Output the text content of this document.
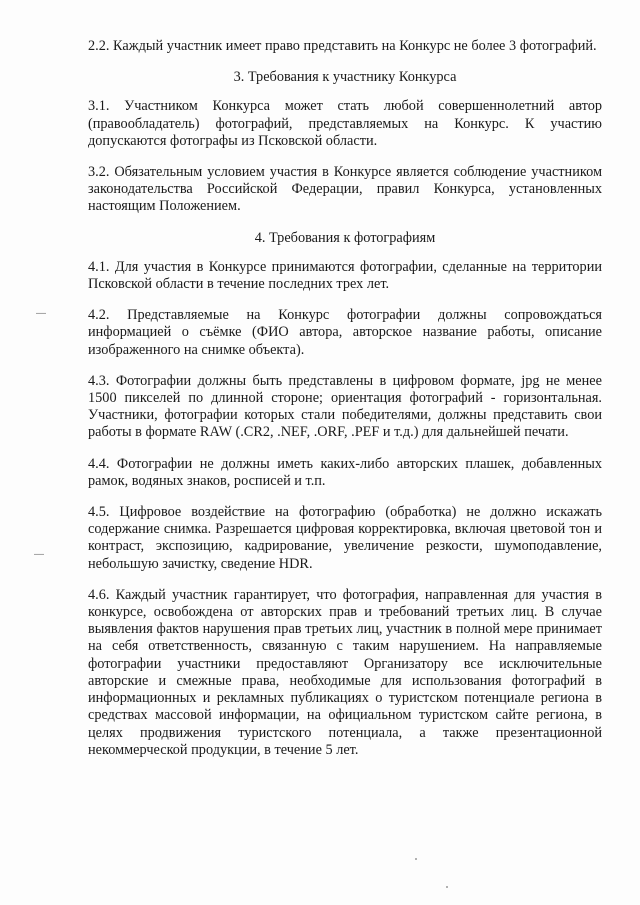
—
—

2.2. Каждый участник имеет право представить на Конкурс не более 3 фотографий.

3. Требования к участнику Конкурса

3.1. Участником Конкурса может стать любой совершеннолетний автор (правообладатель) фотографий, представляемых на Конкурс. К участию допускаются фотографы из Псковской области.

3.2. Обязательным условием участия в Конкурсе является соблюдение участником законодательства Российской Федерации, правил Конкурса, установленных настоящим Положением.

4. Требования к фотографиям

4.1. Для участия в Конкурсе принимаются фотографии, сделанные на территории Псковской области в течение последних трех лет.

4.2. Представляемые на Конкурс фотографии должны сопровождаться информацией о съёмке (ФИО автора, авторское название работы, описание изображенного на снимке объекта).

4.3. Фотографии должны быть представлены в цифровом формате, jpg не менее 1500 пикселей по длинной стороне; ориентация фотографий - горизонтальная. Участники, фотографии которых стали победителями, должны представить свои работы в формате RAW (.CR2, .NEF, .ORF, .PEF и т.д.) для дальнейшей печати.

4.4. Фотографии не должны иметь каких-либо авторских плашек, добавленных рамок, водяных знаков, росписей и т.п.

4.5. Цифровое воздействие на фотографию (обработка) не должно искажать содержание снимка. Разрешается цифровая корректировка, включая цветовой тон и контраст, экспозицию, кадрирование, увеличение резкости, шумоподавление, небольшую зачистку, сведение HDR.

4.6. Каждый участник гарантирует, что фотография, направленная для участия в конкурсе, освобождена от авторских прав и требований третьих лиц. В случае выявления фактов нарушения прав третьих лиц, участник в полной мере принимает на себя ответственность, связанную с таким нарушением. На направляемые фотографии участники предоставляют Организатору все исключительные авторские и смежные права, необходимые для использования фотографий в информационных и рекламных публикациях о туристском потенциале региона в средствах массовой информации, на официальном туристском сайте региона, в целях продвижения туристского потенциала, а также презентационной некоммерческой продукции, в течение 5 лет.
